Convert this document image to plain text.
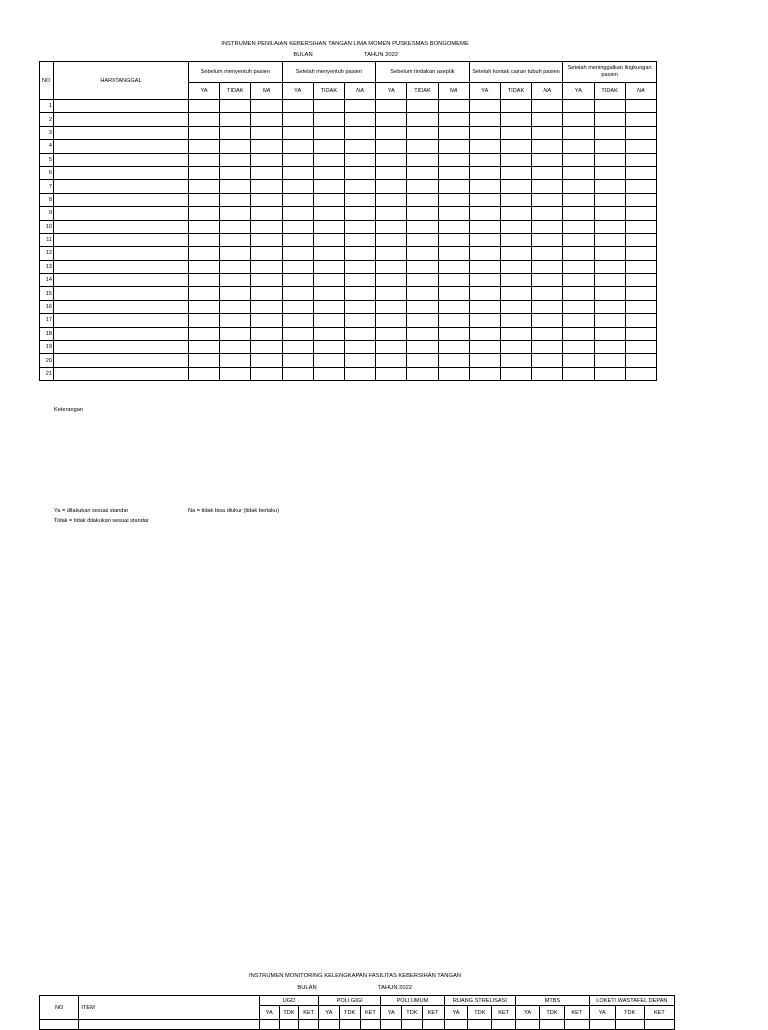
INSTRUMEN PENILAIAN KEBERSIHAN TANGAN LIMA MOMEN PUSKESMAS BONGOMEME
BULAN	TAHUN 2022
NO	HARI/TANGGAL	Sebelum menyentuh pasien			Setelah menyentuh pasien			Sebelum tindakan aseptik			Setelah kontak cairan tubuh pasien			Setelah meninggalkan lingkungan pasien		
		YA	TIDAK	NA	YA	TIDAK	NA	YA	TIDAK	NA	YA	TIDAK	NA	YA	TIDAK	NA
1																
2																
3																
4																
5																
6																
7																
8																
9																
10																
11																
12																
13																
14																
15																
16																
17																
18																
19																
20																
21																
Keterangan
Ya = dilakukan sesuai standar
Tidak = tidak dilakukan sesuai standar
Na = tidak bisa diukur (tidak berlaku)
INSTRUMEN MONITORING KELENGKAPAN FASILITAS KEBERSIHAN TANGAN
BULAN	TAHUN 2022
NO	ITEM	UGD			POLI GIGI			POLI UMUM			RUANG STRELISASI			MTBS			LOKET/ WASTAFEL DEPAN		
		YA	TDK	KET	YA	TDK	KET	YA	TDK	KET	YA	TDK	KET	YA	TDK	KET	YA	TDK	KET
